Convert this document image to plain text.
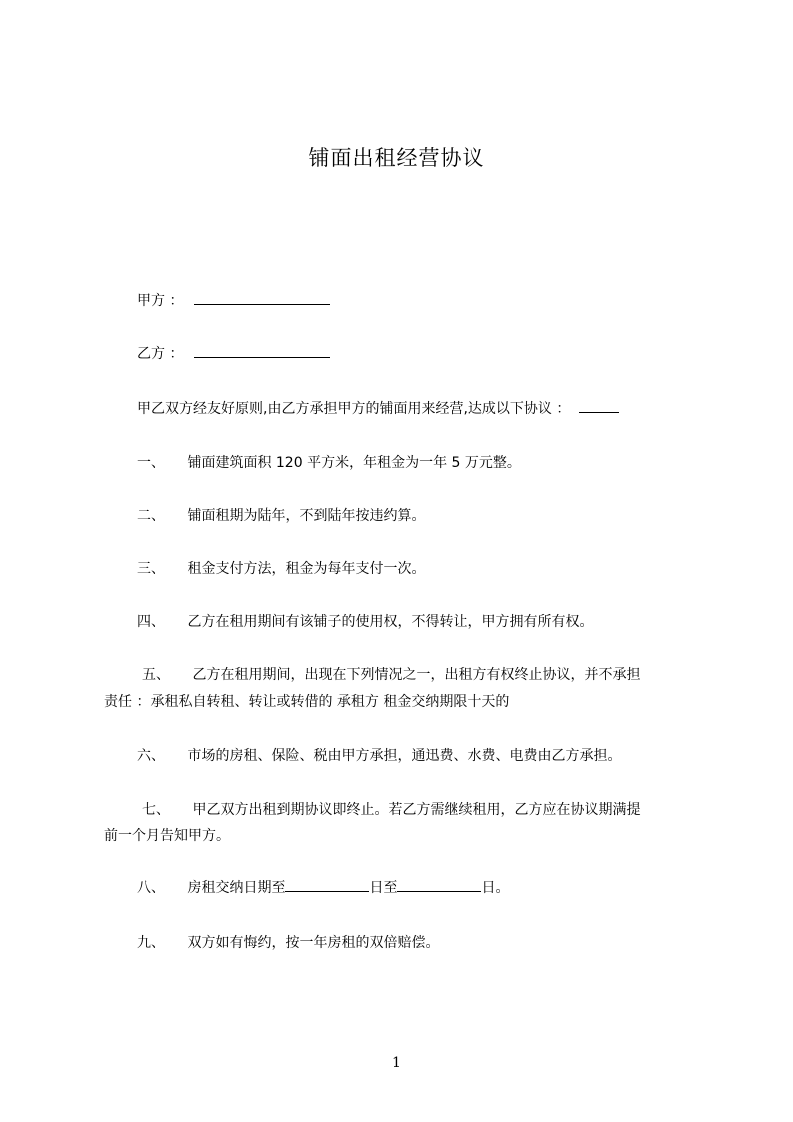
铺面出租经营协议
甲方 ：
乙方 ：
甲乙双方经友好原则,由乙方承担甲方的铺面用来经营,达成以下协议 ：
一、 铺面建筑面积 120 平方米，年租金为一年 5 万元整。
二、 铺面租期为陆年，不到陆年按违约算。
三、 租金支付方法，租金为每年支付一次。
四、 乙方在租用期间有该铺子的使用权，不得转让，甲方拥有所有权。
五、 乙方在租用期间，出现在下列情况之一，出租方有权终止协议，并不承担
责任 ：承租私自转租、转让或转借的 承租方 租金交纳期限十天的
六、 市场的房租、保险、税由甲方承担，通迅费、水费、电费由乙方承担。
七、 甲乙双方出租到期协议即终止。若乙方需继续租用，乙方应在协议期满提
前一个月告知甲方。
八、 房租交纳日期至	日至	日。
九、 双方如有悔约，按一年房租的双倍赔偿。
1
